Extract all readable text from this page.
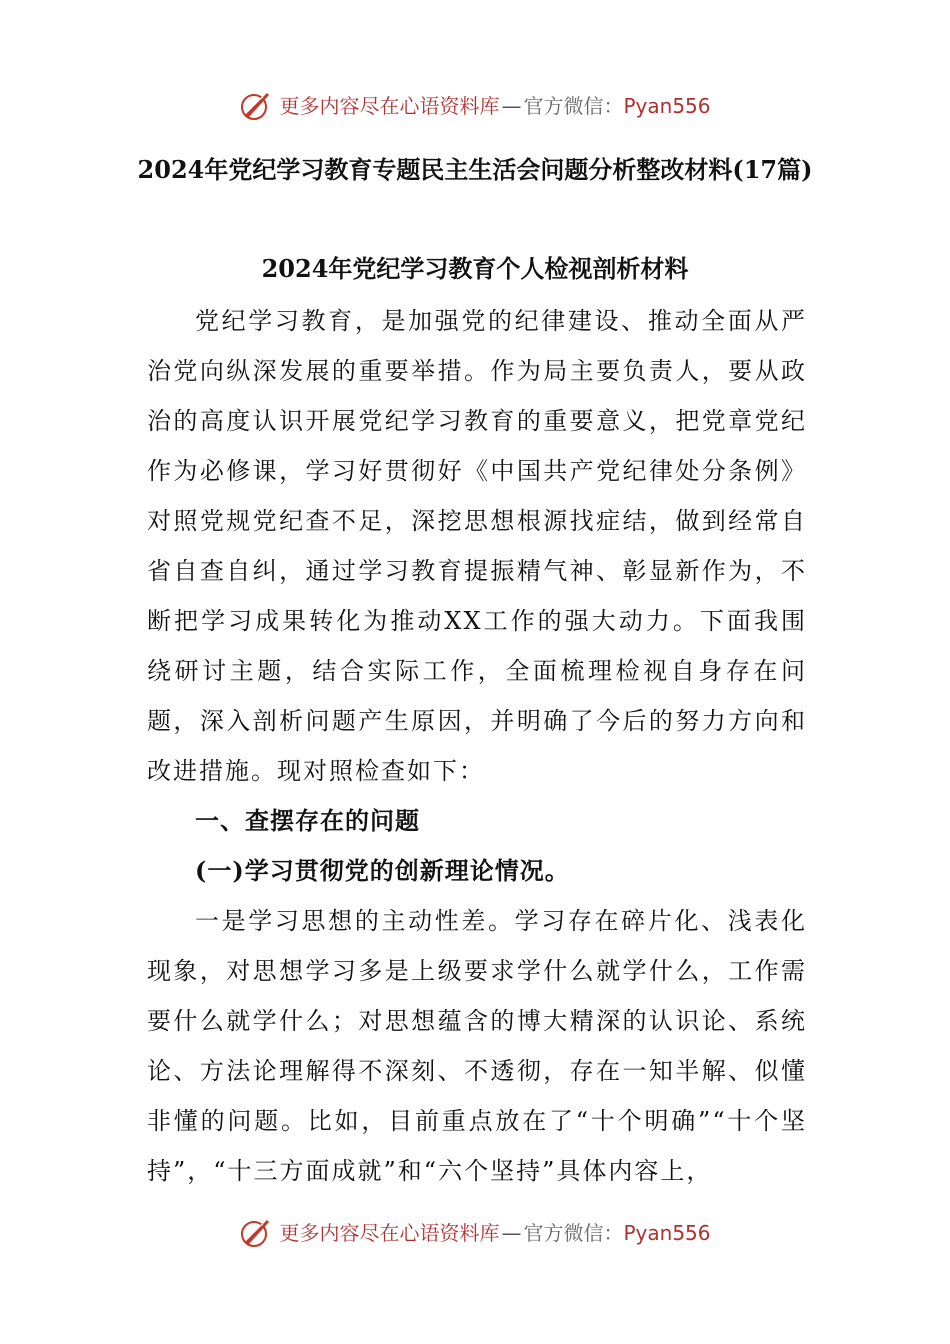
更多内容尽在心语资料库 — 官方微信：Pyan556
2024年党纪学习教育专题民主生活会问题分析整改材料(17篇)
2024年党纪学习教育个人检视剖析材料

党纪学习教育，是加强党的纪律建设、推动全面从严治党向纵深发展的重要举措。作为局主要负责人，要从政治的高度认识开展党纪学习教育的重要意义，把党章党纪作为必修课，学习好贯彻好《中国共产党纪律处分条例》对照党规党纪查不足，深挖思想根源找症结，做到经常自省自查自纠，通过学习教育提振精气神、彰显新作为，不断把学习成果转化为推动XX工作的强大动力。下面我围绕研讨主题，结合实际工作，全面梳理检视自身存在问题，深入剖析问题产生原因，并明确了今后的努力方向和改进措施。现对照检查如下：

一、查摆存在的问题
(一)学习贯彻党的创新理论情况。

一是学习思想的主动性差。学习存在碎片化、浅表化现象，对思想学习多是上级要求学什么就学什么，工作需要什么就学什么；对思想蕴含的博大精深的认识论、系统论、方法论理解得不深刻、不透彻，存在一知半解、似懂非懂的问题。比如，目前重点放在了“十个明确”“十个坚持”，“十三方面成就”和“六个坚持”具体内容上，

更多内容尽在心语资料库 — 官方微信：Pyan556
